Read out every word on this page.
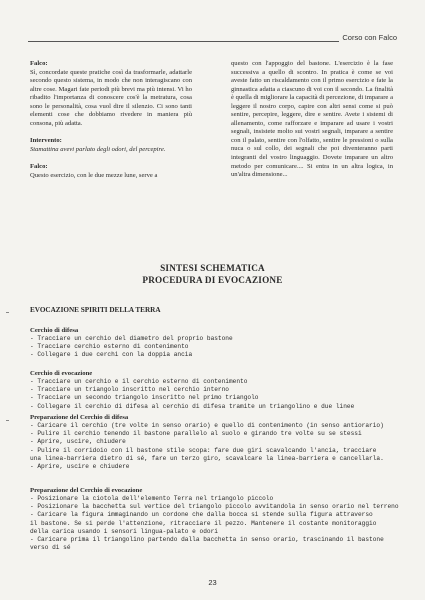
Corso con Falco

Falco:

Sì, concordate queste pratiche così da trasformarle, adattarle secondo questo sistema, in modo che non interagiscano con altre cose. Magari fate periodi più brevi ma più intensi. Vi ho ribadito l'importanza di conoscere cos'è la metratura, cosa sono le personalità, cosa vuol dire il silenzio. Ci sono tanti elementi cose che dobbiamo rivedere in maniera più consona, più adatta.

Intervento:

Stamattina avevi parlato degli odori, del percepire.

Falco:

Questo esercizio, con le due mezze lune, serve a

questo con l'appoggio del bastone. L'esercizio è la fase successiva a quello di scontro. In pratica è come se voi aveste fatto un riscaldamento con il primo esercizio e fate la ginnastica adatta a ciascuno di voi con il secondo. La finalità è quella di migliorare la capacità di percezione, di imparare a leggere il nostro corpo, capire con altri sensi come si può sentire, percepire, leggere, dire e sentire. Avete i sistemi di allenamento, come rafforzare e imparare ad usare i vostri segnali, insistete molto sui vostri segnali, imparare a sentire con il palato, sentire con l'olfatto, sentire le pressioni o sulla nuca o sul collo, dei segnali che poi diventeranno parti integranti del vostro linguaggio. Dovete imparare un altro metodo per comunicare.... Si entra in un altra logica, in un'altra dimensione...

SINTESI SCHEMATICA
PROCEDURA DI EVOCAZIONE
EVOCAZIONE SPIRITI DELLA TERRA
Cerchio di difesa
- Tracciare un cerchio del diametro del proprio bastone
- Tracciare cerchio esterno di contenimento
- Collegare i due cerchi con la doppia ancia
Cerchio di evocazione
- Tracciare un cerchio e il cerchio esterno di contenimento
- Tracciare un triangolo inscritto nel cerchio interno
- Tracciare un secondo triangolo inscritto nel primo triangolo
- Collegare il cerchio di difesa al cerchio di difesa tramite un triangolino e due linee
Preparazione del Cerchio di difesa
- Caricare il cerchio (tre volte in senso orario) e quello di contenimento (in senso antiorario)
- Pulire il cerchio tenendo il bastone parallelo al suolo e girando tre volte su se stessi
- Aprire, uscire, chiudere
- Pulire il corridoio con il bastone stile scopa: fare due giri scavalcando l'ancia, tracciare
una linea-barriera dietro di sé, fare un terzo giro, scavalcare la linea-barriera e cancellarla.
- Aprire, uscire e chiudere
Preparazione del Cerchio di evocazione
- Posizionare la ciotola dell'elemento Terra nel triangolo piccolo
- Posizionare la bacchetta sul vertice del triangolo piccolo avvitandola in senso orario nel terreno
- Caricare la figura immaginando un cordone che dalla bocca si stende sulla figura attraverso
il bastone. Se si perde l'attenzione, ritracciare il pezzo. Mantenere il costante monitoraggio
della carica usando i sensori lingua-palato e odori
- Caricare prima il triangolino partendo dalla bacchetta in senso orario, trascinando il bastone
verso di sé
23
